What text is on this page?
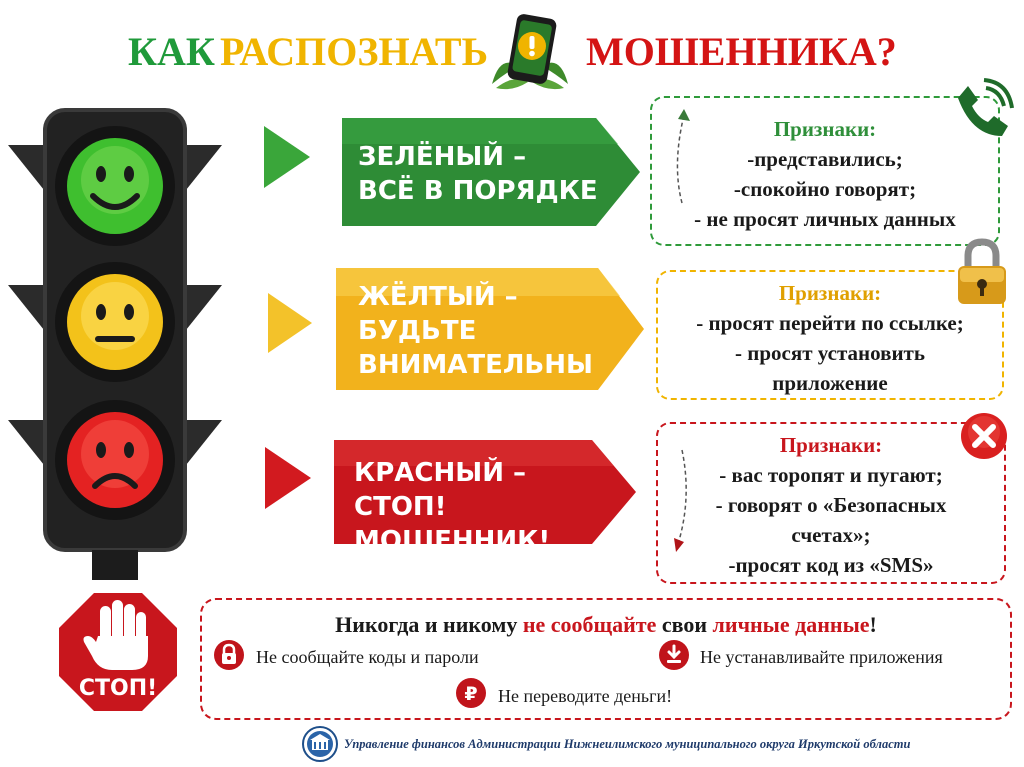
КАК РАСПОЗНАТЬ МОШЕННИКА?
ЗЕЛЁНЫЙ –
ВСЁ В ПОРЯДКЕ
Признаки:
-представились;
-спокойно говорят;
- не просят личных данных
ЖЁЛТЫЙ –
БУДЬТЕ
ВНИМАТЕЛЬНЫ
Признаки:
- просят перейти по ссылке;
- просят установить
приложение
КРАСНЫЙ –
СТОП! МОШЕННИК!
Признаки:
- вас торопят и пугают;
- говорят о «Безопасных
счетах»;
-просят код из «SMS»
СТОП!
Никогда и никому не сообщайте свои личные данные!
Не сообщайте коды и пароли	Не устанавливайте приложения
₽ Не переводите деньги!
Управление финансов Администрации Нижнеилимского муниципального округа Иркутской области
